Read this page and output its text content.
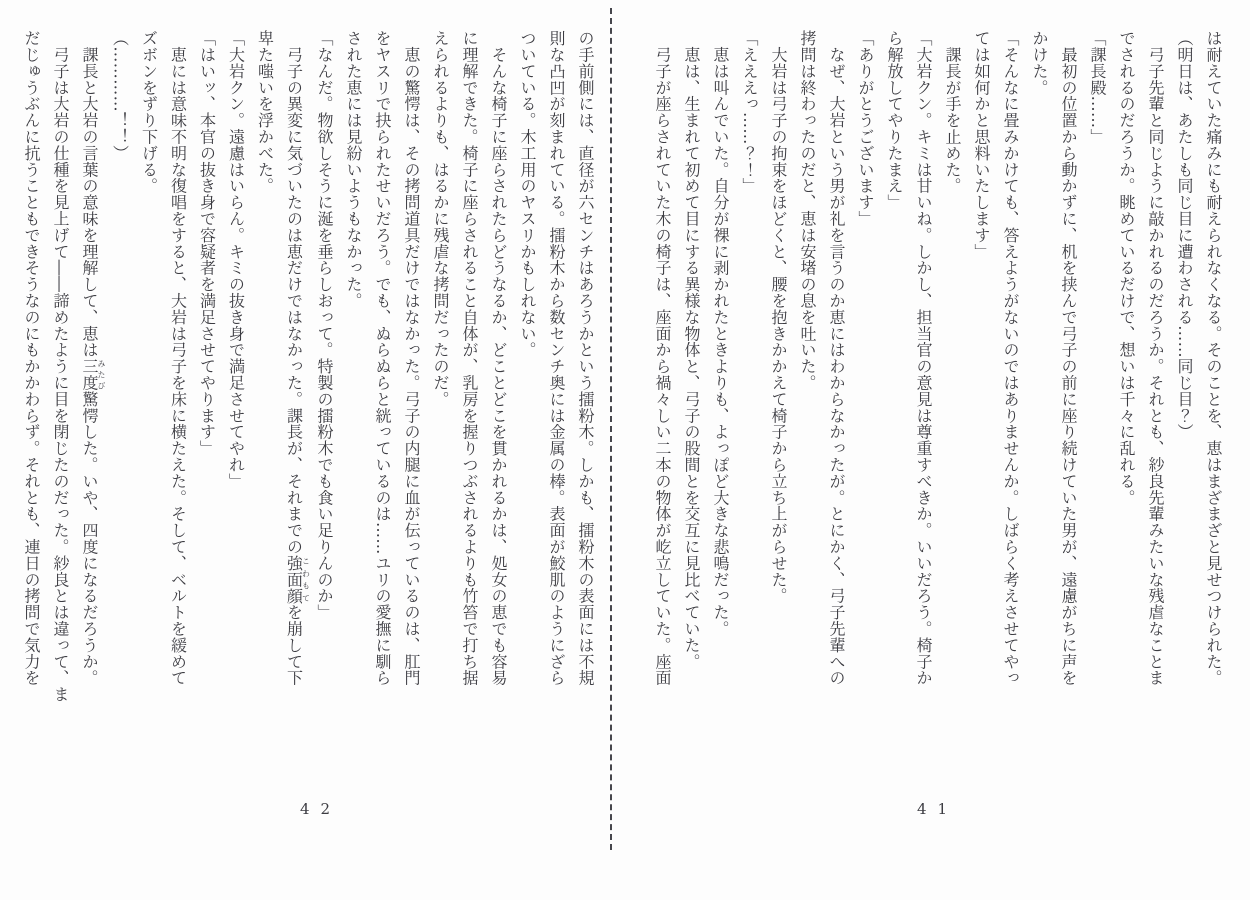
の手前側には、直径が六センチはあろうかという擂粉木。しかも、擂粉木の表面には不規
則な凸凹が刻まれている。擂粉木から数センチ奥には金属の棒。表面が鮫肌のようにざら
ついている。木工用のヤスリかもしれない。
　そんな椅子に座らされたらどうなるか、どことどこを貫かれるかは、処女の恵でも容易
に理解できた。椅子に座らされること自体が、乳房を握りつぶされるよりも竹笞で打ち据
えられるよりも、はるかに残虐な拷問だったのだ。
　恵の驚愕は、その拷問道具だけではなかった。弓子の内腿に血が伝っているのは、肛門
をヤスリで抉られたせいだろう。でも、ぬらぬらと絖っているのは……ユリの愛撫に馴ら
された恵には見紛いようもなかった。
「なんだ。物欲しそうに涎を垂らしおって。特製の擂粉木でも食い足りんのか」
　弓子の異変に気づいたのは恵だけではなかった。課長が、それまでの強面顔こわもてを崩して下
卑た嗤いを浮かべた。
「大岩クン。遠慮はいらん。キミの抜き身で満足させてやれ」
「はいッ、本官の抜き身で容疑者を満足させてやります」
　恵には意味不明な復唱をすると、大岩は弓子を床に横たえた。そして、ベルトを緩めて
ズボンをずり下げる。
（…………！！）
　課長と大岩の言葉の意味を理解して、恵は三度みたび驚愕した。いや、四度になるだろうか。
　弓子は大岩の仕種を見上げて――諦めたように目を閉じたのだった。紗良とは違って、ま
だじゅうぶんに抗うこともできそうなのにもかかわらず。それとも、連日の拷問で気力を
42
は耐えていた痛みにも耐えられなくなる。そのことを、恵はまざまざと見せつけられた。
（明日は、あたしも同じ目に遭わされる……同じ目？）
　弓子先輩と同じように敲かれるのだろうか。それとも、紗良先輩みたいな残虐なことま
でされるのだろうか。眺めているだけで、想いは千々に乱れる。
「課長殿……」
　最初の位置から動かずに、机を挟んで弓子の前に座り続けていた男が、遠慮がちに声を
かけた。
「そんなに畳みかけても、答えようがないのではありませんか。しばらく考えさせてやっ
ては如何かと思料いたします」
　課長が手を止めた。
「大岩クン。キミは甘いね。しかし、担当官の意見は尊重すべきか。いいだろう。椅子か
ら解放してやりたまえ」
「ありがとうございます」
　なぜ、大岩という男が礼を言うのか恵にはわからなかったが。とにかく、弓子先輩への
拷問は終わったのだと、恵は安堵の息を吐いた。
　大岩は弓子の拘束をほどくと、腰を抱きかかえて椅子から立ち上がらせた。
「えええっ……？！」
　恵は叫んでいた。自分が裸に剥かれたときよりも、よっぽど大きな悲鳴だった。
　恵は、生まれて初めて目にする異様な物体と、弓子の股間とを交互に見比べていた。
　弓子が座らされていた木の椅子は、座面から禍々しい二本の物体が屹立していた。座面
41
